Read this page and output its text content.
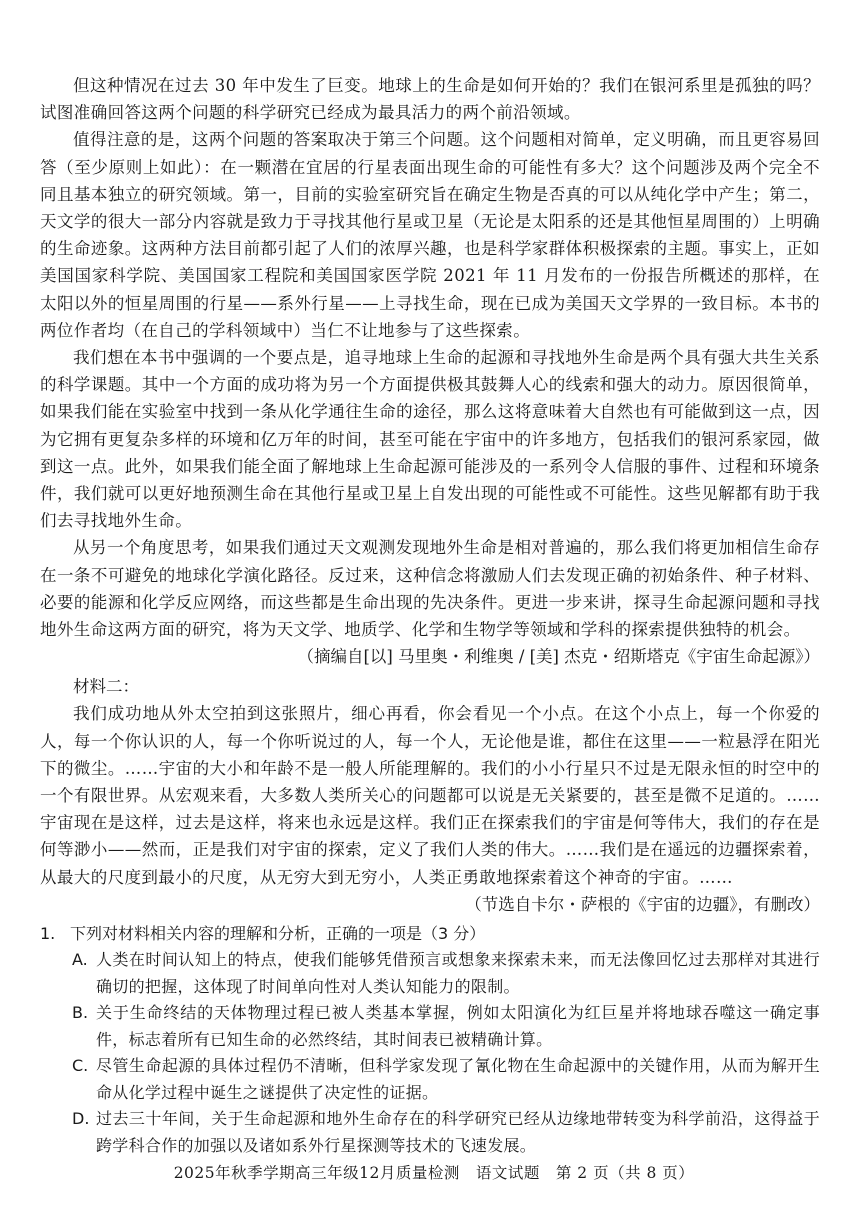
但这种情况在过去 30 年中发生了巨变。地球上的生命是如何开始的？我们在银河系里是孤独的吗？试图准确回答这两个问题的科学研究已经成为最具活力的两个前沿领域。

值得注意的是，这两个问题的答案取决于第三个问题。这个问题相对简单，定义明确，而且更容易回答（至少原则上如此）：在一颗潜在宜居的行星表面出现生命的可能性有多大？这个问题涉及两个完全不同且基本独立的研究领域。第一，目前的实验室研究旨在确定生物是否真的可以从纯化学中产生；第二，天文学的很大一部分内容就是致力于寻找其他行星或卫星（无论是太阳系的还是其他恒星周围的）上明确的生命迹象。这两种方法目前都引起了人们的浓厚兴趣，也是科学家群体积极探索的主题。事实上，正如美国国家科学院、美国国家工程院和美国国家医学院 2021 年 11 月发布的一份报告所概述的那样，在太阳以外的恒星周围的行星——系外行星——上寻找生命，现在已成为美国天文学界的一致目标。本书的两位作者均（在自己的学科领域中）当仁不让地参与了这些探索。

我们想在本书中强调的一个要点是，追寻地球上生命的起源和寻找地外生命是两个具有强大共生关系的科学课题。其中一个方面的成功将为另一个方面提供极其鼓舞人心的线索和强大的动力。原因很简单，如果我们能在实验室中找到一条从化学通往生命的途径，那么这将意味着大自然也有可能做到这一点，因为它拥有更复杂多样的环境和亿万年的时间，甚至可能在宇宙中的许多地方，包括我们的银河系家园，做到这一点。此外，如果我们能全面了解地球上生命起源可能涉及的一系列令人信服的事件、过程和环境条件，我们就可以更好地预测生命在其他行星或卫星上自发出现的可能性或不可能性。这些见解都有助于我们去寻找地外生命。

从另一个角度思考，如果我们通过天文观测发现地外生命是相对普遍的，那么我们将更加相信生命存在一条不可避免的地球化学演化路径。反过来，这种信念将激励人们去发现正确的初始条件、种子材料、必要的能源和化学反应网络，而这些都是生命出现的先决条件。更进一步来讲，探寻生命起源问题和寻找地外生命这两方面的研究，将为天文学、地质学、化学和生物学等领域和学科的探索提供独特的机会。

（摘编自[以] 马里奥・利维奥 / [美] 杰克・绍斯塔克《宇宙生命起源》）

材料二：

我们成功地从外太空拍到这张照片，细心再看，你会看见一个小点。在这个小点上，每一个你爱的人，每一个你认识的人，每一个你听说过的人，每一个人，无论他是谁，都住在这里——一粒悬浮在阳光下的微尘。……宇宙的大小和年龄不是一般人所能理解的。我们的小小行星只不过是无限永恒的时空中的一个有限世界。从宏观来看，大多数人类所关心的问题都可以说是无关紧要的，甚至是微不足道的。……宇宙现在是这样，过去是这样，将来也永远是这样。我们正在探索我们的宇宙是何等伟大，我们的存在是何等渺小——然而，正是我们对宇宙的探索，定义了我们人类的伟大。……我们是在遥远的边疆探索着，从最大的尺度到最小的尺度，从无穷大到无穷小，人类正勇敢地探索着这个神奇的宇宙。……

（节选自卡尔・萨根的《宇宙的边疆》，有删改）

1. 下列对材料相关内容的理解和分析，正确的一项是（3 分）
A. 人类在时间认知上的特点，使我们能够凭借预言或想象来探索未来，而无法像回忆过去那样对其进行确切的把握，这体现了时间单向性对人类认知能力的限制。
B. 关于生命终结的天体物理过程已被人类基本掌握，例如太阳演化为红巨星并将地球吞噬这一确定事件，标志着所有已知生命的必然终结，其时间表已被精确计算。
C. 尽管生命起源的具体过程仍不清晰，但科学家发现了氰化物在生命起源中的关键作用，从而为解开生命从化学过程中诞生之谜提供了决定性的证据。
D. 过去三十年间，关于生命起源和地外生命存在的科学研究已经从边缘地带转变为科学前沿，这得益于跨学科合作的加强以及诸如系外行星探测等技术的飞速发展。
2025年秋季学期高三年级12月质量检测　语文试题　第 2 页（共 8 页）
